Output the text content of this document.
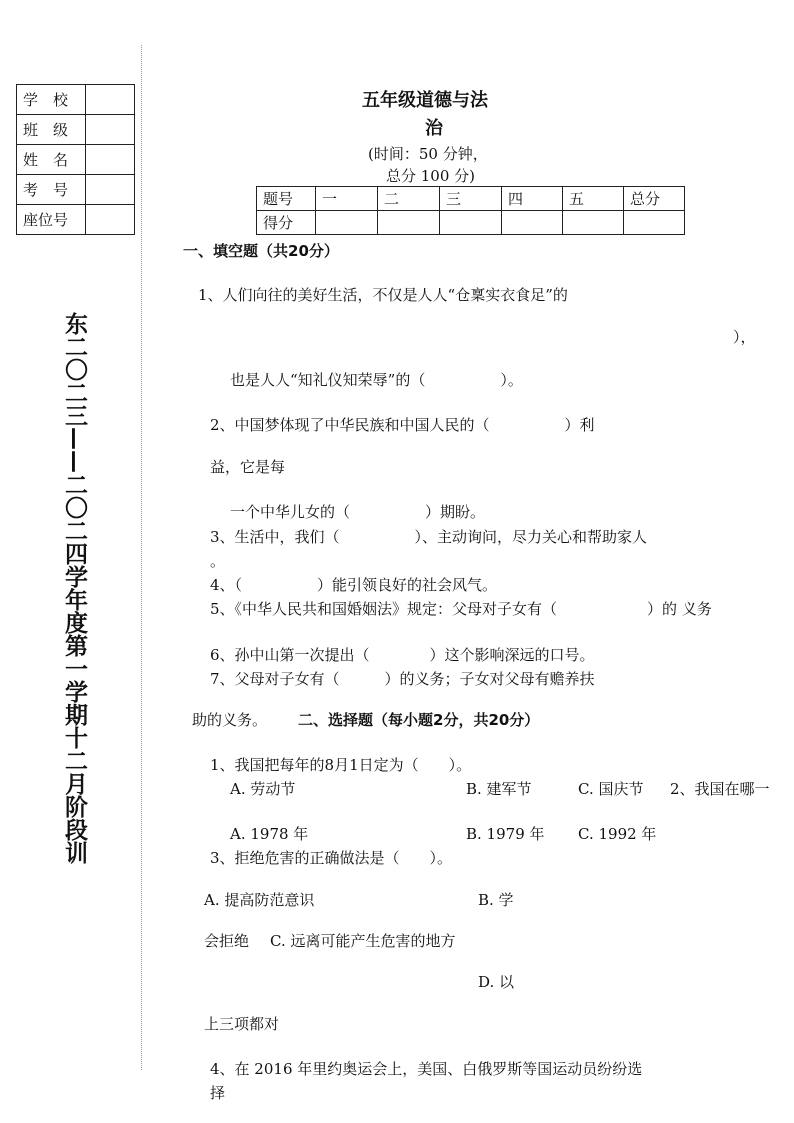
学　校	
班　级	
姓　名	
考　号	
座位号	
东二〇二三——二〇二四学年度第一学期十二月阶段训
五年级道德与法
治
(时间：50 分钟，
总分 100 分)
题号	一	二	三	四	五	总分
得分						
一、填空题（共20分）
1、人们向往的美好生活，不仅是人人“仓稟实衣食足”的
），
也是人人“知礼仪知荣辱”的（　　　　　）。
2、中国梦体现了中华民族和中国人民的（　　　　　）利
益，它是每
一个中华儿女的（　　　　　）期盼。
3、生活中，我们（　　　　　）、主动询问，尽力关心和帮助家人
。
4、（　　　　　）能引领良好的社会风气。
5、《中华人民共和国婚姻法》规定：父母对子女有（　　　　　　）的 义务
6、孙中山第一次提出（　　　　）这个影响深远的口号。
7、父母对子女有（　　　）的义务；子女对父母有赡养扶
助的义务。 二、选择题（每小题2分，共20分）
1、我国把每年的8月1日定为（　　）。
A. 劳动节	B. 建军节	C. 国庆节 2、我国在哪一
A. 1978 年	B. 1979 年 C. 1992 年
3、拒绝危害的正确做法是（　　）。
A. 提高防范意识	B. 学
会拒绝 C. 远离可能产生危害的地方
D. 以
上三项都对
4、在 2016 年里约奥运会上，美国、白俄罗斯等国运动员纷纷选
择
